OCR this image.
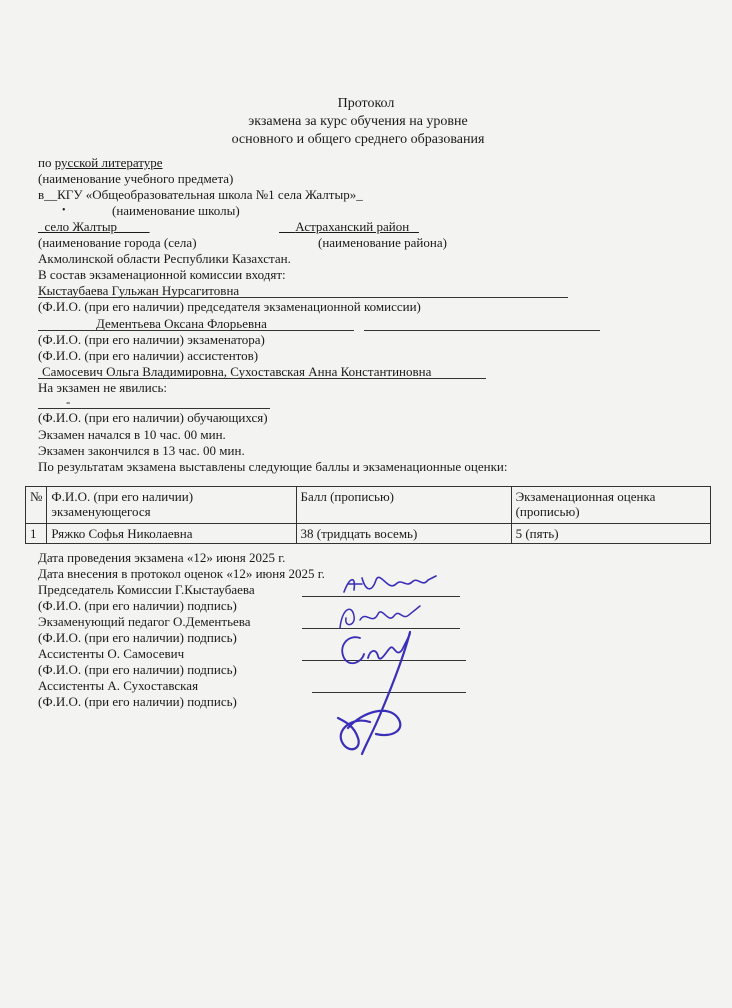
Протокол
экзамена за курс обучения на уровне
основного и общего среднего образования
по русской литературе
(наименование учебного предмета)
в__КГУ «Общеобразовательная школа №1 села Жалтыр»_
•	(наименование школы)
село Жалтыр	Астраханский район
(наименование города (села)	(наименование района)
Акмолинской области Республики Казахстан.
В состав экзаменационной комиссии входят:
Кыстаубаева Гульжан Нурсагитовна
(Ф.И.О. (при его наличии) председателя экзаменационной комиссии)
Дементьева Оксана Флорьевна
(Ф.И.О. (при его наличии) экзаменатора)
(Ф.И.О. (при его наличии) ассистентов)
Самосевич Ольга Владимировна, Сухоставская Анна Константиновна
На экзамен не явились:
-
(Ф.И.О. (при его наличии) обучающихся)
Экзамен начался в 10 час. 00 мин.
Экзамен закончился в 13 час. 00 мин.
По результатам экзамена выставлены следующие баллы и экзаменационные оценки:
№	Ф.И.О. (при его наличии) экзаменующегося	Балл (прописью)	Экзаменационная оценка (прописью)
1	Ряжко Софья Николаевна	38 (тридцать восемь)	5 (пять)
Дата проведения экзамена «12» июня 2025 г.
Дата внесения в протокол оценок «12» июня 2025 г.
Председатель Комиссии Г.Кыстаубаева
(Ф.И.О. (при его наличии) подпись)
Экзаменующий педагог О.Дементьева
(Ф.И.О. (при его наличии) подпись)
Ассистенты О. Самосевич
(Ф.И.О. (при его наличии) подпись)
Ассистенты А. Сухоставская
(Ф.И.О. (при его наличии) подпись)
